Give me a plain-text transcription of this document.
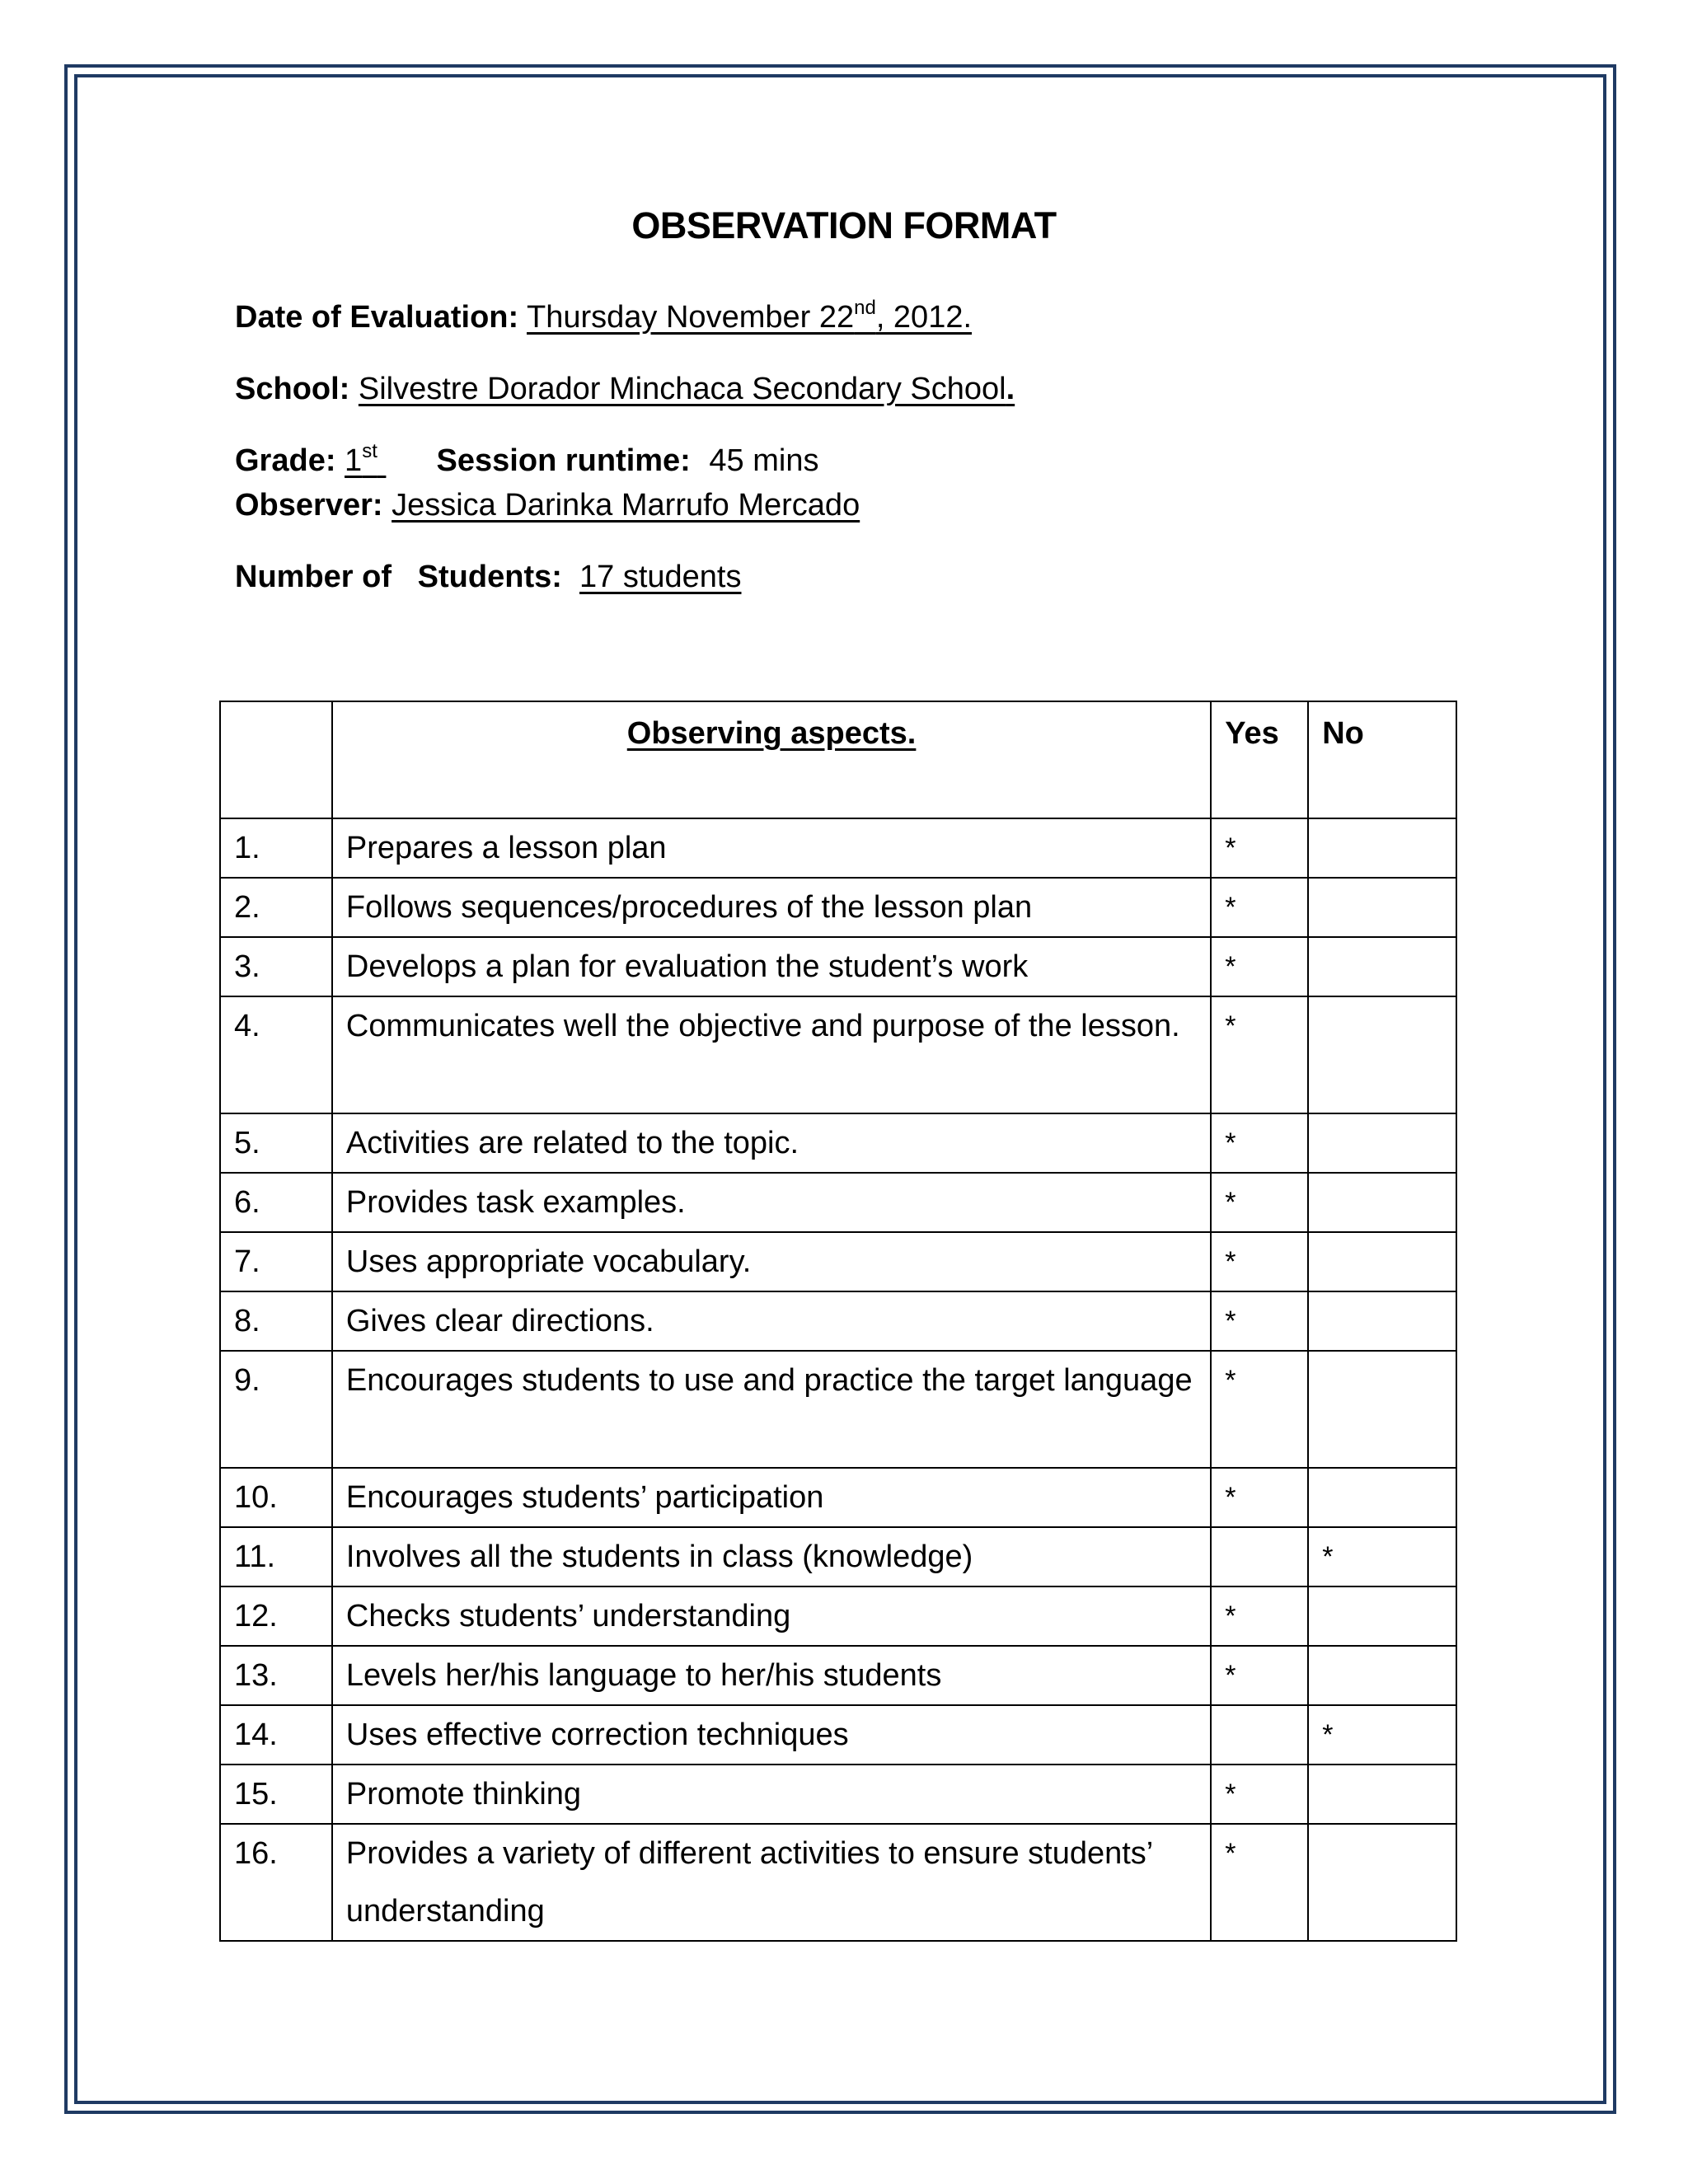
OBSERVATION FORMAT
Date of Evaluation: Thursday November 22nd, 2012.
School: Silvestre Dorador Minchaca Secondary School.
Grade: 1st Session runtime: 45 mins
Observer: Jessica Darinka Marrufo Mercado
Number of   Students: 17 students
	Observing aspects.	Yes	No
1.	Prepares a lesson plan	*	
2.	Follows sequences/procedures of the lesson plan	*	
3.	Develops a plan for evaluation the student’s work	*	
4.	Communicates well the objective and purpose of the lesson.	*	
5.	Activities are related to the topic.	*	
6.	Provides task examples.	*	
7.	Uses appropriate vocabulary.	*	
8.	Gives clear directions.	*	
9.	Encourages students to use and practice the target language	*	
10.	Encourages students’ participation	*	
11.	Involves all the students in class (knowledge)		*
12.	Checks students’ understanding	*	
13.	Levels her/his language to her/his students	*	
14.	Uses effective correction techniques		*
15.	Promote thinking	*	
16.	Provides a variety of different activities to ensure students’ understanding	*	
